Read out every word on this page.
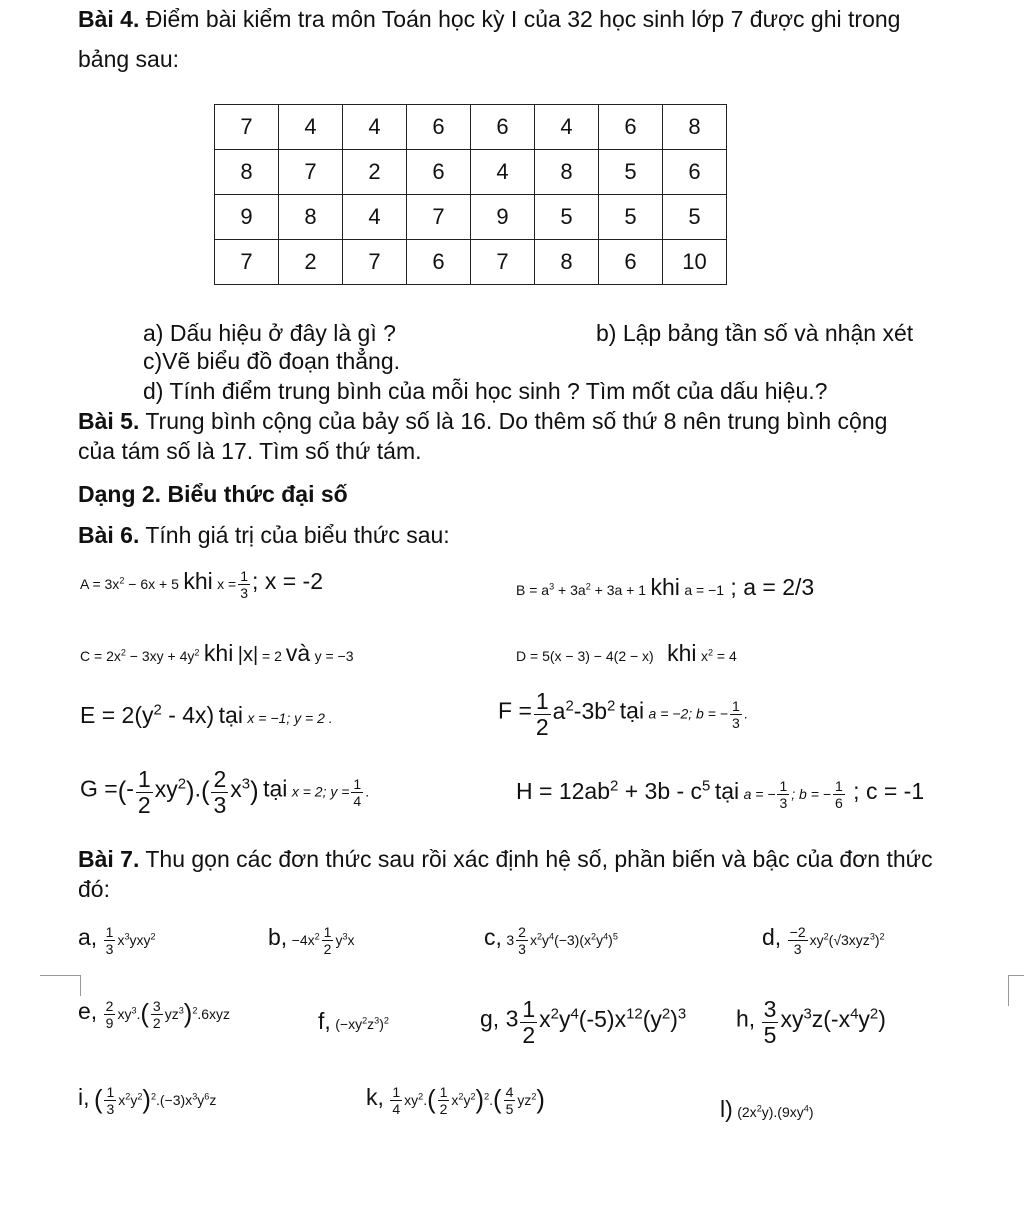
Bài 4. Điểm bài kiểm tra môn Toán học kỳ I của 32 học sinh lớp 7 được ghi trong
bảng sau:
7	4	4	6	6	4	6	8
8	7	2	6	4	8	5	6
9	8	4	7	9	5	5	5
7	2	7	6	7	8	6	10
a) Dấu hiệu ở đây là gì ?	b) Lập bảng tần số và nhận xét
c)Vẽ biểu đồ đoạn thẳng.
d) Tính điểm trung bình của mỗi học sinh ? Tìm mốt của dấu hiệu.?
Bài 5. Trung bình cộng của bảy số là 16. Do thêm số thứ 8 nên trung bình cộng
của tám số là 17. Tìm số thứ tám.
Dạng 2. Biểu thức đại số
Bài 6. Tính giá trị của biểu thức sau:
$A = 3x^2 - 6x + 5$ khi $x = \frac{1}{3}$ ; x = -2	$B = a^3 + 3a^2 + 3a + 1$ khi a = −1 ; a = 2/3
$C = 2x^2 - 3xy + 4y^2$ khi |x| = 2 và y = −3	D = 5(x − 3) − 4(2 − x) khi $x^2 = 4$
$E = 2(y^2 - 4x)$ tại x = −1; y = 2 .	$F = \frac{1}{2} a^2-3b^2$ tại a = −2; b = − $\frac{1}{3}$ .
G =(- $\frac{1}{2} xy^2).( \frac{2}{3} x^3)$ tại x = 2; $y = \frac{1}{4}$ .	$H = 12ab^2 + 3b - c^5$ tại a = − $\frac{1}{3}$ ; b = − $\frac{1}{6}$ ; c = -1
Bài 7. Thu gọn các đơn thức sau rồi xác định hệ số, phần biến và bậc của đơn thức
đó:
a, $\frac{1}{3} x^3yxy^2$	b, $-4x^2 \frac{1}{2} y^3x$	c, $3 \frac{2}{3} x^2y^4(-3)(x^2y^4)^5$	d, $\frac{-2}{3} xy^2(√3xyz^3)^2$
e, $\frac{2}{9} xy^3.( \frac{3}{2} yz^3)^2.6xyz$	f, $(-xy^2z^3)^2$	g, $3 \frac{1}{2} x^2y^4(-5)x^{12}(y^2)^3$ h, $\frac{3}{5} xy^3z(-x^4y^2)$
i, ( $\frac{1}{3} x^2y^2)^2.(-3)x^3y^6z$	k, $\frac{1}{4} xy^2.( \frac{1}{2} x^2y^2)^2.( \frac{4}{5} yz^2)$	l) $(2x^2y).(9xy^4)$
